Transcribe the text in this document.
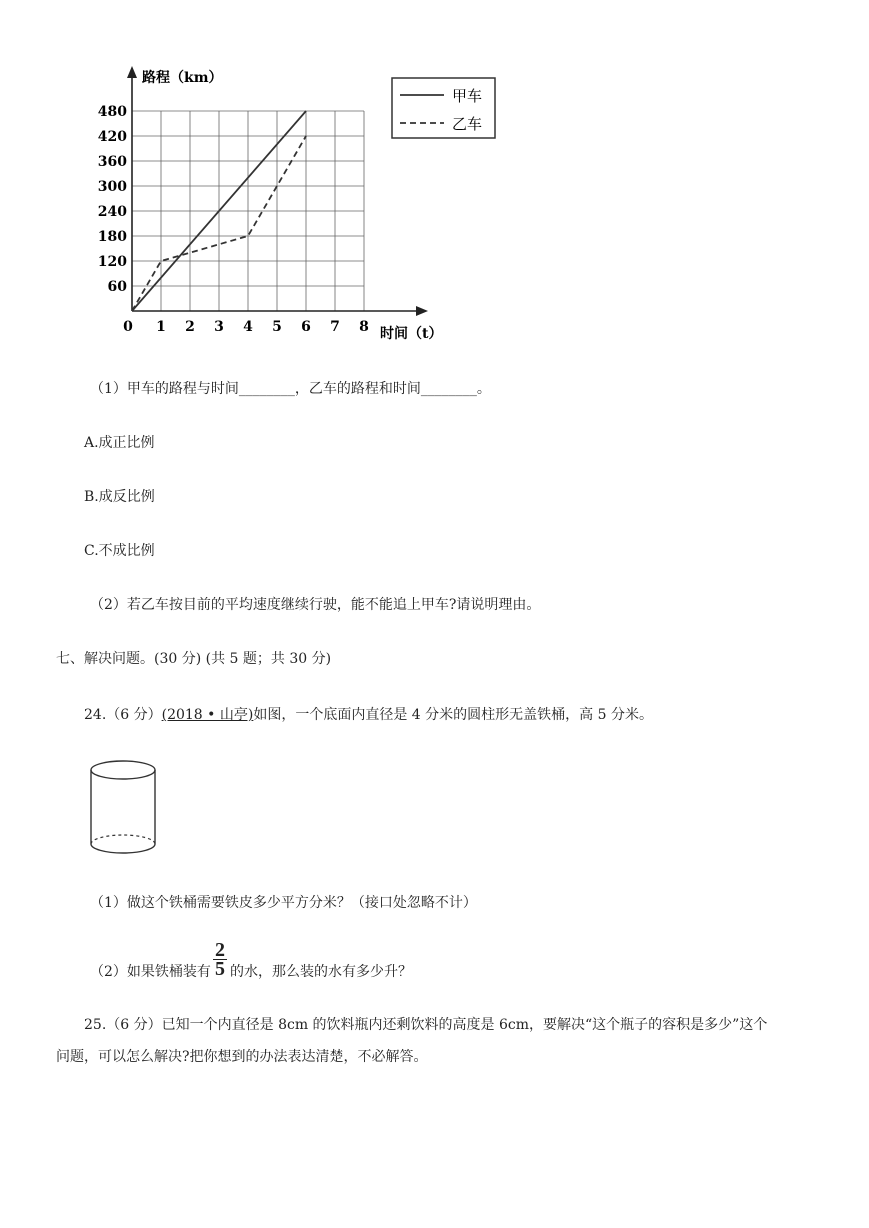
1 2 3 4 5 6 7 8
60
120
180
240
300
360
420
480
路程（km）
时间（t）
0
甲车
乙车
（1）甲车的路程与时间________，乙车的路程和时间________。
A.成正比例
B.成反比例
C.不成比例
（2）若乙车按目前的平均速度继续行驶，能不能追上甲车?请说明理由。
七、解决问题。(30 分) (共 5 题；共 30 分)
24.（6 分）(2018 • 山亭)如图，一个底面内直径是 4 分米的圆柱形无盖铁桶，高 5 分米。
（1）做这个铁桶需要铁皮多少平方分米？（接口处忽略不计）
（2）如果铁桶装有
2
5 的水，那么装的水有多少升？
25.（6 分）已知一个内直径是 8cm 的饮料瓶内还剩饮料的高度是 6cm，要解决“这个瓶子的容积是多少”这个
问题，可以怎么解决?把你想到的办法表达清楚，不必解答。
